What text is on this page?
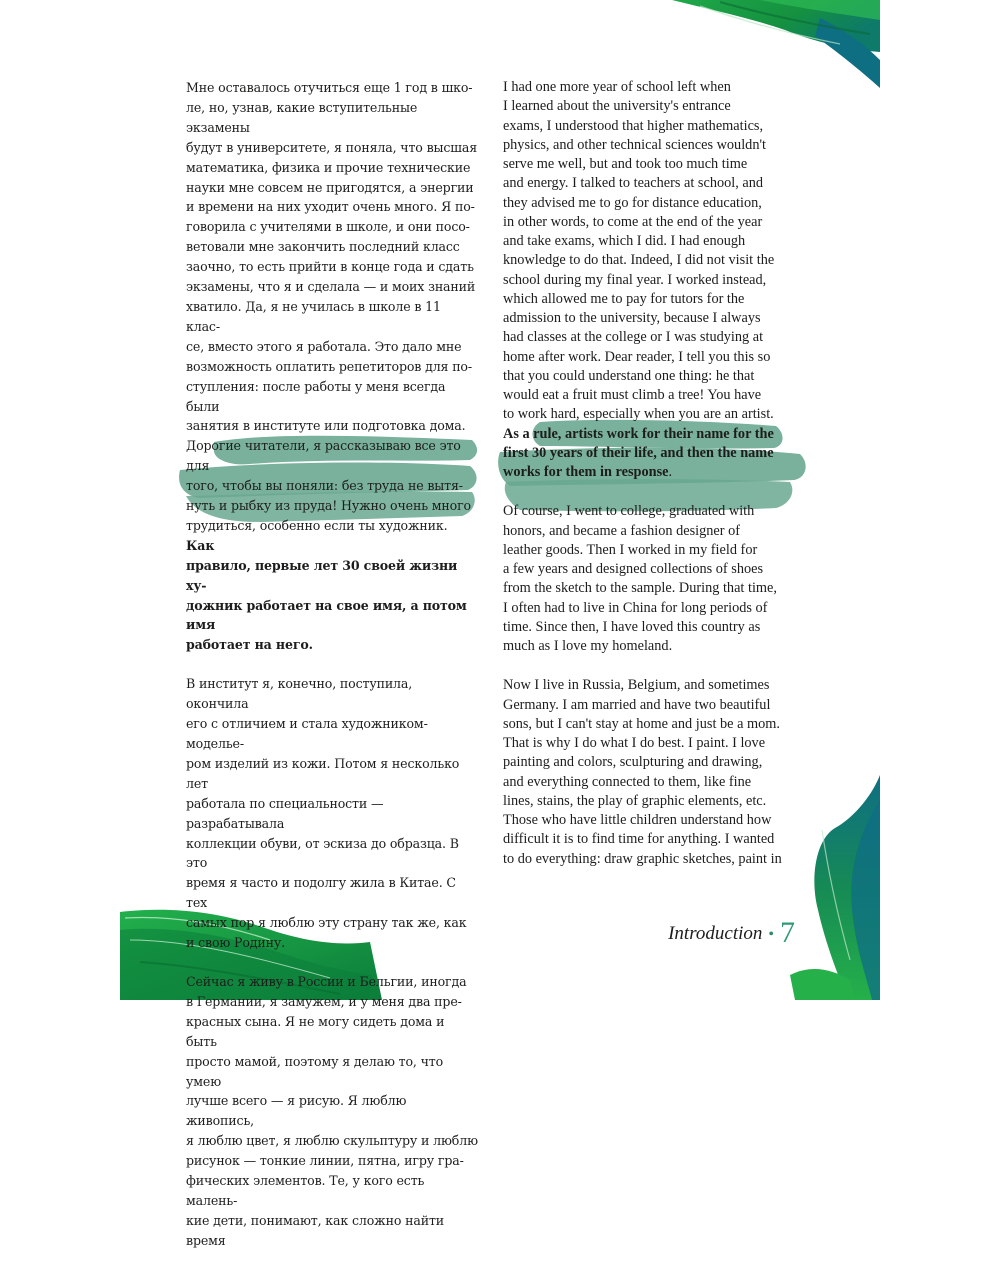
Мне оставалось отучиться еще 1 год в шко-
ле, но, узнав, какие вступительные экзамены
будут в университете, я поняла, что высшая
математика, физика и прочие технические
науки мне совсем не пригодятся, а энергии
и времени на них уходит очень много. Я по-
говорила с учителями в школе, и они посо-
ветовали мне закончить последний класс
заочно, то есть прийти в конце года и сдать
экзамены, что я и сделала — и моих знаний
хватило. Да, я не училась в школе в 11 клас-
се, вместо этого я работала. Это дало мне
возможность оплатить репетиторов для по-
ступления: после работы у меня всегда были
занятия в институте или подготовка дома.
Дорогие читатели, я рассказываю все это для
того, чтобы вы поняли: без труда не вытя-
нуть и рыбку из пруда! Нужно очень много
трудиться, особенно если ты художник. Как
правило, первые лет 30 своей жизни ху-
дожник работает на свое имя, а потом имя
работает на него.
В институт я, конечно, поступила, окончила
его с отличием и стала художником-моделье-
ром изделий из кожи. Потом я несколько лет
работала по специальности — разрабатывала
коллекции обуви, от эскиза до образца. В это
время я часто и подолгу жила в Китае. С тех
самых пор я люблю эту страну так же, как
и свою Родину.
Сейчас я живу в России и Бельгии, иногда
в Германии, я замужем, и у меня два пре-
красных сына. Я не могу сидеть дома и быть
просто мамой, поэтому я делаю то, что умею
лучше всего — я рисую. Я люблю живопись,
я люблю цвет, я люблю скульптуру и люблю
рисунок — тонкие линии, пятна, игру гра-
фических элементов. Те, у кого есть малень-
кие дети, понимают, как сложно найти время
I had one more year of school left when
I learned about the university's entrance
exams, I understood that higher mathematics,
physics, and other technical sciences wouldn't
serve me well, but and took too much time
and energy. I talked to teachers at school, and
they advised me to go for distance education,
in other words, to come at the end of the year
and take exams, which I did. I had enough
knowledge to do that. Indeed, I did not visit the
school during my final year. I worked instead,
which allowed me to pay for tutors for the
admission to the university, because I always
had classes at the college or I was studying at
home after work. Dear reader, I tell you this so
that you could understand one thing: he that
would eat a fruit must climb a tree! You have
to work hard, especially when you are an artist.
As a rule, artists work for their name for the
first 30 years of their life, and then the name
works for them in response.
Of course, I went to college, graduated with
honors, and became a fashion designer of
leather goods. Then I worked in my field for
a few years and designed collections of shoes
from the sketch to the sample. During that time,
I often had to live in China for long periods of
time. Since then, I have loved this country as
much as I love my homeland.
Now I live in Russia, Belgium, and sometimes
Germany. I am married and have two beautiful
sons, but I can't stay at home and just be a mom.
That is why I do what I do best. I paint. I love
painting and colors, sculpturing and drawing,
and everything connected to them, like fine
lines, stains, the play of graphic elements, etc.
Those who have little children understand how
difficult it is to find time for anything. I wanted
to do everything: draw graphic sketches, paint in
Introduction • 7
